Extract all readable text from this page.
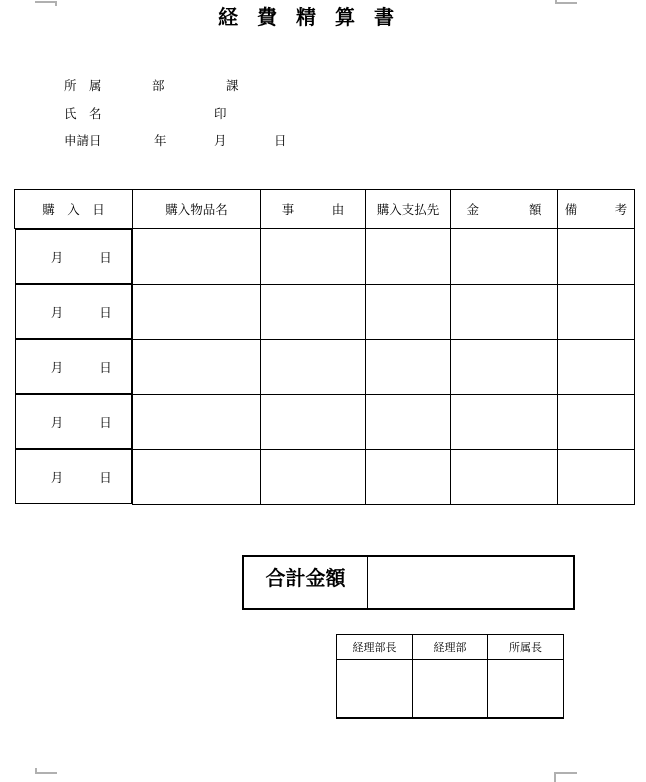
経費精算書
所　属	部	課
氏　名	印
申請日	年	月	日
購　入　日	購入物品名	事　　　由	購入支払先	金　　　　額	備　　　考

月	日

月	日

月	日

月	日

月	日

合計金額
経理部長	経理部	所属長
